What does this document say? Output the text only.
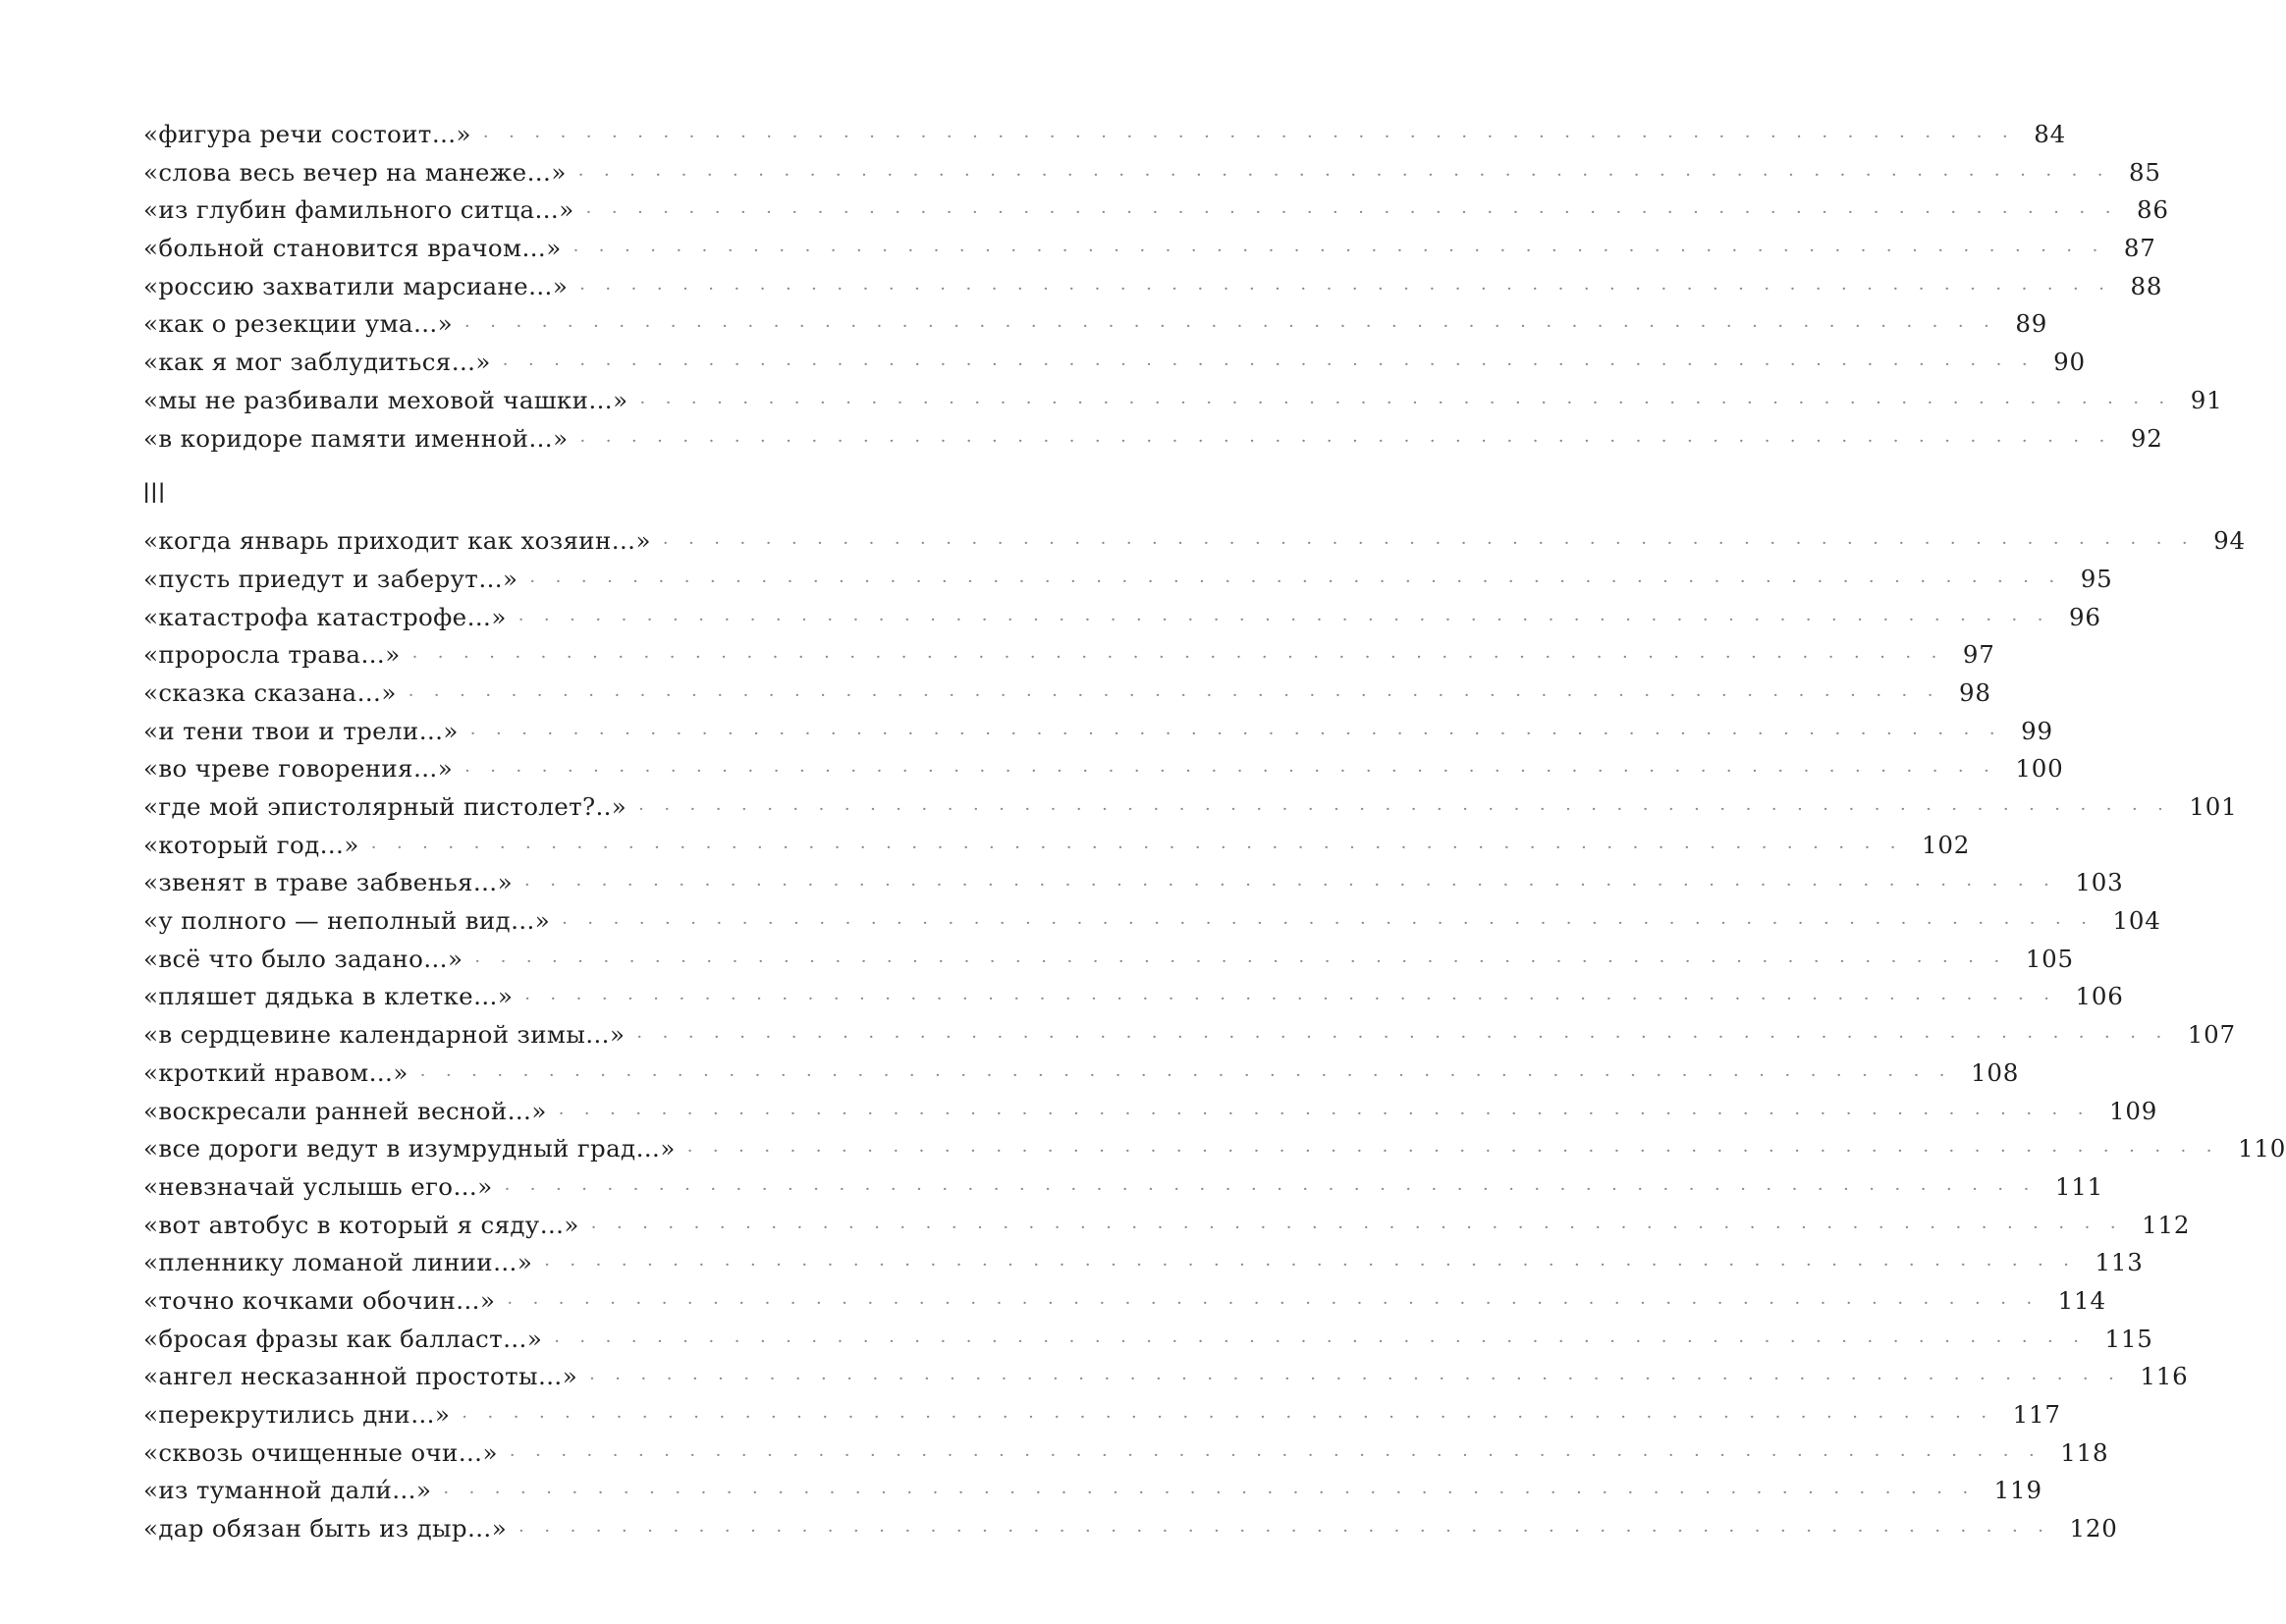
«фигура речи состоит…» ···························································· 84
«слова весь вечер на манеже…» ···························································· 85
«из глубин фамильного ситца…» ···························································· 86
«больной становится врачом…» ···························································· 87
«россию захватили марсиане…» ···························································· 88
«как о резекции ума…» ···························································· 89
«как я мог заблудиться…» ···························································· 90
«мы не разбивали меховой чашки…» ···························································· 91
«в коридоре памяти именной…» ···························································· 92
III
«когда январь приходит как хозяин…» ···························································· 94
«пусть приедут и заберут…» ···························································· 95
«катастрофа катастрофе…» ···························································· 96
«проросла трава…» ···························································· 97
«сказка сказана…» ···························································· 98
«и тени твои и трели…» ···························································· 99
«во чреве говорения…» ···························································· 100
«где мой эпистолярный пистолет?..» ···························································· 101
«который год…» ···························································· 102
«звенят в траве забвенья…» ···························································· 103
«у полного — неполный вид…» ···························································· 104
«всё что было задано…» ···························································· 105
«пляшет дядька в клетке…» ···························································· 106
«в сердцевине календарной зимы…» ···························································· 107
«кроткий нравом…» ···························································· 108
«воскресали ранней весной…» ···························································· 109
«все дороги ведут в изумрудный град…» ···························································· 110
«невзначай услышь его…» ···························································· 111
«вот автобус в который я сяду…» ···························································· 112
«пленнику ломаной линии…» ···························································· 113
«точно кочками обочин…» ···························································· 114
«бросая фразы как балласт…» ···························································· 115
«ангел несказанной простоты…» ···························································· 116
«перекрутились дни…» ···························································· 117
«сквозь очищенные очи…» ···························································· 118
«из туманной дали́…» ···························································· 119
«дар обязан быть из дыр…» ···························································· 120
